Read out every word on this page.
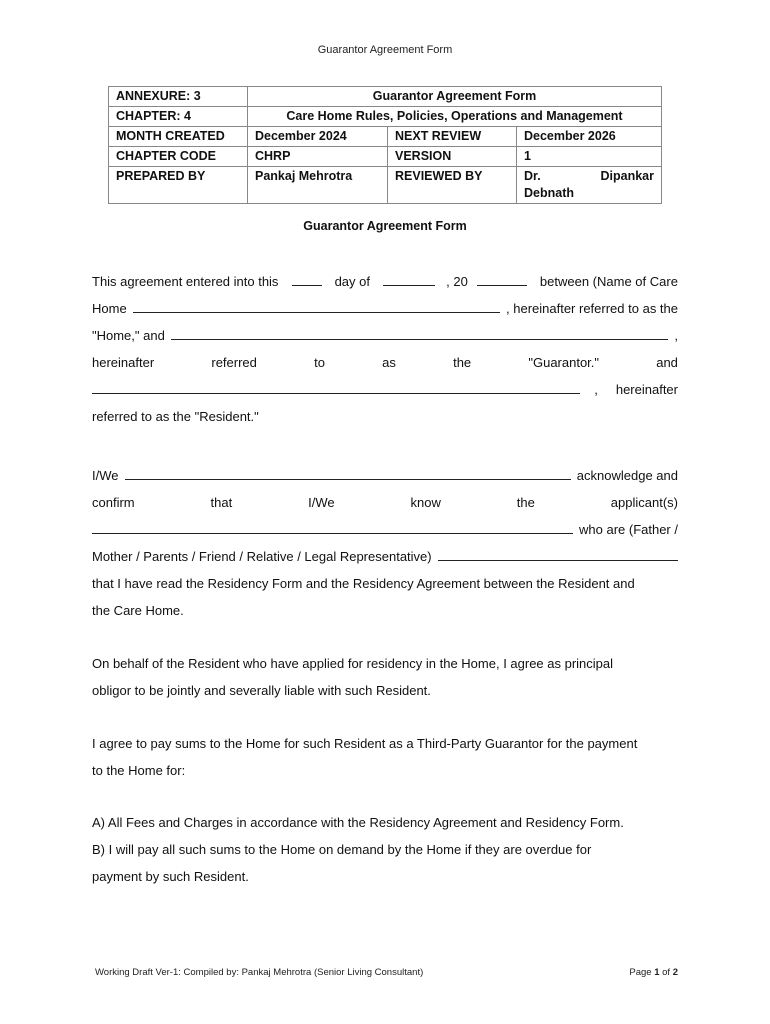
Guarantor Agreement Form
ANNEXURE: 3	Guarantor Agreement Form		
CHAPTER: 4	Care Home Rules, Policies, Operations and Management		
MONTH CREATED	December 2024	NEXT REVIEW	December 2026
CHAPTER CODE	CHRP	VERSION	1
PREPARED BY	Pankaj Mehrotra	REVIEWED BY	Dr. Dipankar
Debnath
Guarantor Agreement Form
This agreement entered into this	day of	, 20	between (Name of Care
Home	, hereinafter referred to as the
"Home," and	,
hereinafter	referred	to	as	the	"Guarantor."	and
, hereinafter
referred to as the "Resident."
I/We	acknowledge and
confirm	that	I/We	know	the	applicant(s)
who are (Father /
Mother / Parents / Friend / Relative / Legal Representative)
that I have read the Residency Form and the Residency Agreement between the Resident and
the Care Home.
On behalf of the Resident who have applied for residency in the Home, I agree as principal
obligor to be jointly and severally liable with such Resident.
I agree to pay sums to the Home for such Resident as a Third-Party Guarantor for the payment
to the Home for:
A) All Fees and Charges in accordance with the Residency Agreement and Residency Form.
B) I will pay all such sums to the Home on demand by the Home if they are overdue for
payment by such Resident.
Working Draft Ver-1: Compiled by: Pankaj Mehrotra (Senior Living Consultant)	Page 1 of 2
